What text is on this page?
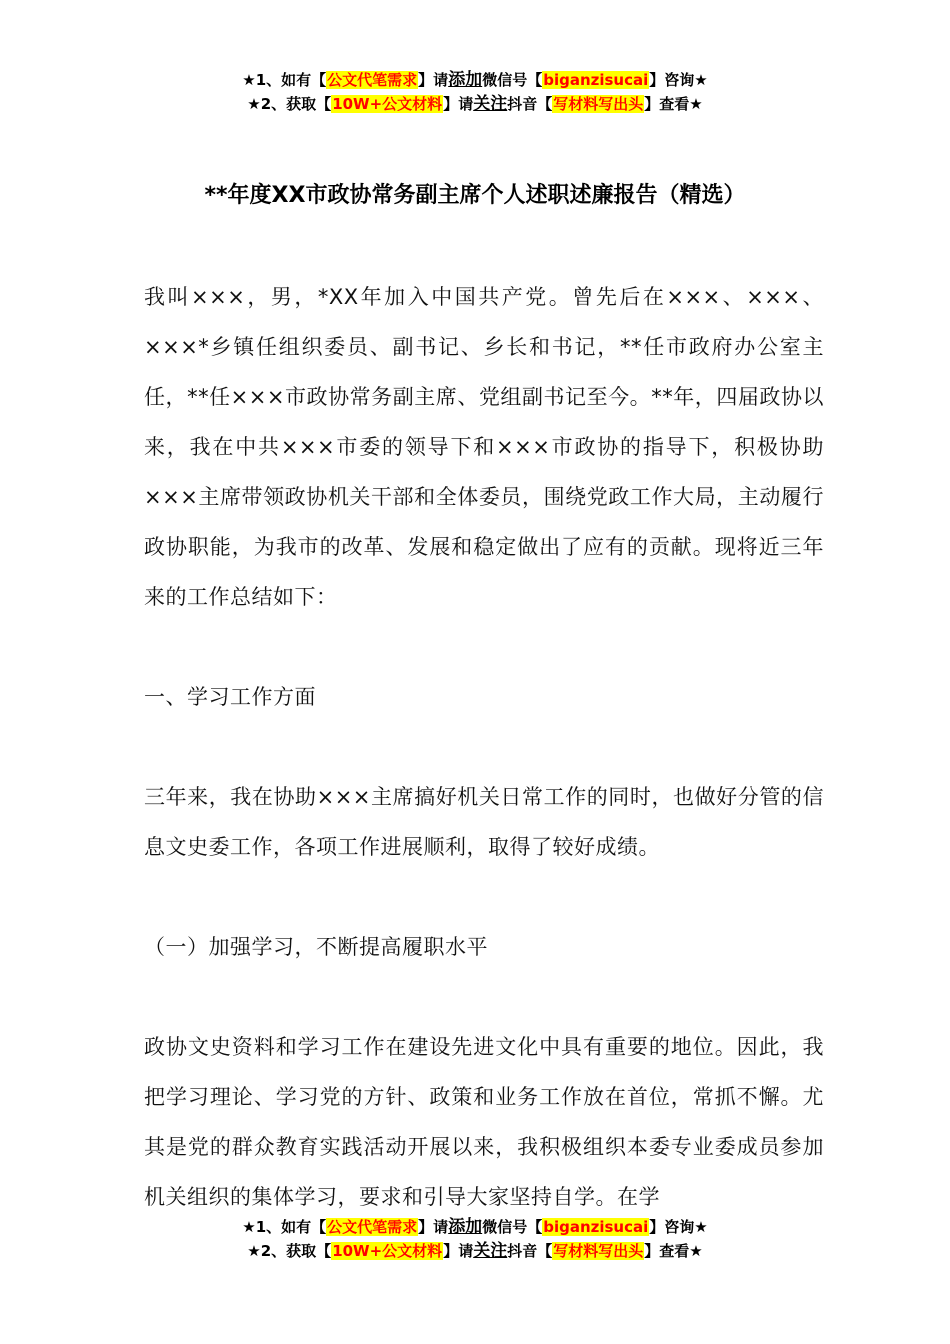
★1、如有【公文代笔需求】请添加微信号【biganzisucai】咨询★
★2、获取【10W+公文材料】请关注抖音【写材料写出头】查看★
**年度XX市政协常务副主席个人述职述廉报告（精选）

我叫×××，男，*XX年加入中国共产党。曾先后在×××、×××、×××*乡镇任组织委员、副书记、乡长和书记，**任市政府办公室主任，**任×××市政协常务副主席、党组副书记至今。**年，四届政协以来，我在中共×××市委的领导下和×××市政协的指导下，积极协助×××主席带领政协机关干部和全体委员，围绕党政工作大局，主动履行政协职能，为我市的改革、发展和稳定做出了应有的贡献。现将近三年来的工作总结如下：

一、学习工作方面

三年来，我在协助×××主席搞好机关日常工作的同时，也做好分管的信息文史委工作，各项工作进展顺利，取得了较好成绩。

（一）加强学习，不断提高履职水平

政协文史资料和学习工作在建设先进文化中具有重要的地位。因此，我把学习理论、学习党的方针、政策和业务工作放在首位，常抓不懈。尤其是党的群众教育实践活动开展以来，我积极组织本委专业委成员参加机关组织的集体学习，要求和引导大家坚持自学。在学

★1、如有【公文代笔需求】请添加微信号【biganzisucai】咨询★
★2、获取【10W+公文材料】请关注抖音【写材料写出头】查看★
